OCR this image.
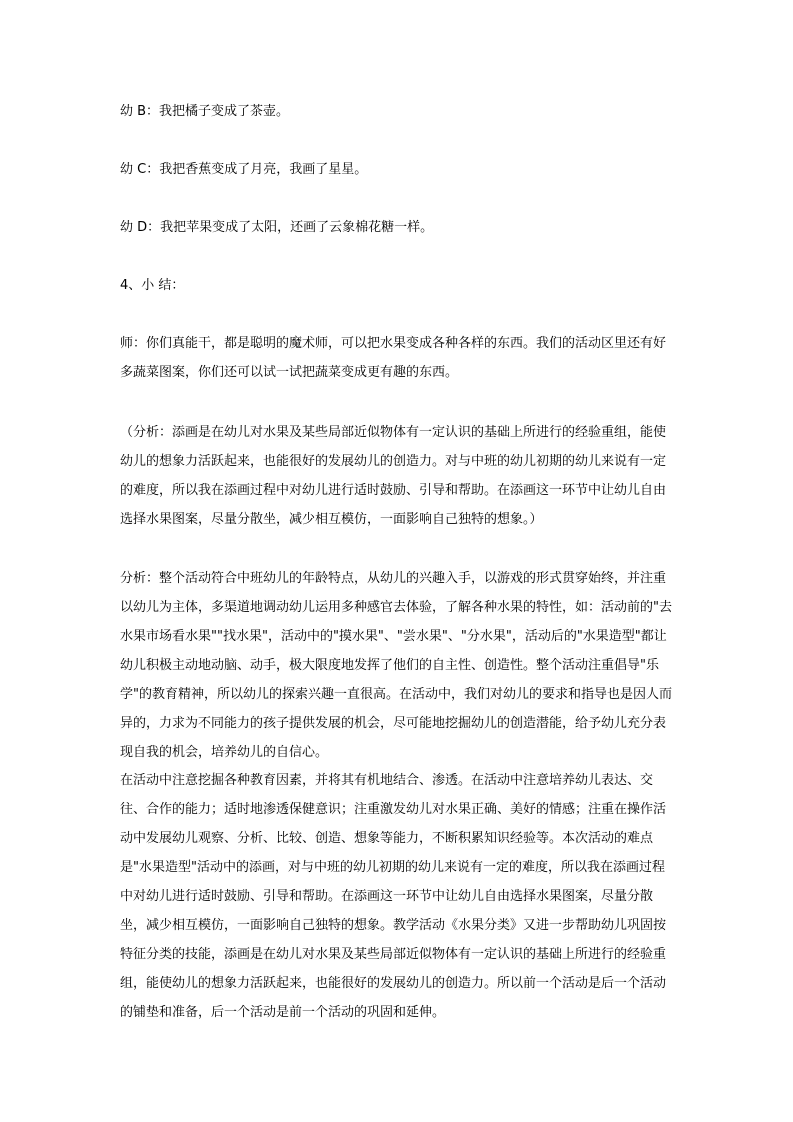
幼 B：我把橘子变成了茶壶。

幼 C：我把香蕉变成了月亮，我画了星星。

幼 D：我把苹果变成了太阳，还画了云象棉花糖一样。

4、小 结：

师：你们真能干，都是聪明的魔术师，可以把水果变成各种各样的东西。我们的活动区里还有好多蔬菜图案，你们还可以试一试把蔬菜变成更有趣的东西。

（分析：添画是在幼儿对水果及某些局部近似物体有一定认识的基础上所进行的经验重组，能使幼儿的想象力活跃起来，也能很好的发展幼儿的创造力。对与中班的幼儿初期的幼儿来说有一定的难度，所以我在添画过程中对幼儿进行适时鼓励、引导和帮助。在添画这一环节中让幼儿自由选择水果图案，尽量分散坐，减少相互模仿，一面影响自己独特的想象。）

分析：整个活动符合中班幼儿的年龄特点，从幼儿的兴趣入手，以游戏的形式贯穿始终，并注重以幼儿为主体，多渠道地调动幼儿运用多种感官去体验，了解各种水果的特性，如：活动前的"去水果市场看水果""找水果"，活动中的"摸水果"、"尝水果"、"分水果"，活动后的"水果造型"都让幼儿积极主动地动脑、动手，极大限度地发挥了他们的自主性、创造性。整个活动注重倡导"乐学"的教育精神，所以幼儿的探索兴趣一直很高。在活动中，我们对幼儿的要求和指导也是因人而异的，力求为不同能力的孩子提供发展的机会，尽可能地挖掘幼儿的创造潜能，给予幼儿充分表现自我的机会，培养幼儿的自信心。

在活动中注意挖掘各种教育因素，并将其有机地结合、渗透。在活动中注意培养幼儿表达、交往、合作的能力；适时地渗透保健意识；注重激发幼儿对水果正确、美好的情感；注重在操作活动中发展幼儿观察、分析、比较、创造、想象等能力，不断积累知识经验等。本次活动的难点是"水果造型"活动中的添画，对与中班的幼儿初期的幼儿来说有一定的难度，所以我在添画过程中对幼儿进行适时鼓励、引导和帮助。在添画这一环节中让幼儿自由选择水果图案，尽量分散坐，减少相互模仿，一面影响自己独特的想象。教学活动《水果分类》又进一步帮助幼儿巩固按特征分类的技能，添画是在幼儿对水果及某些局部近似物体有一定认识的基础上所进行的经验重组，能使幼儿的想象力活跃起来，也能很好的发展幼儿的创造力。所以前一个活动是后一个活动的铺垫和准备，后一个活动是前一个活动的巩固和延伸。
